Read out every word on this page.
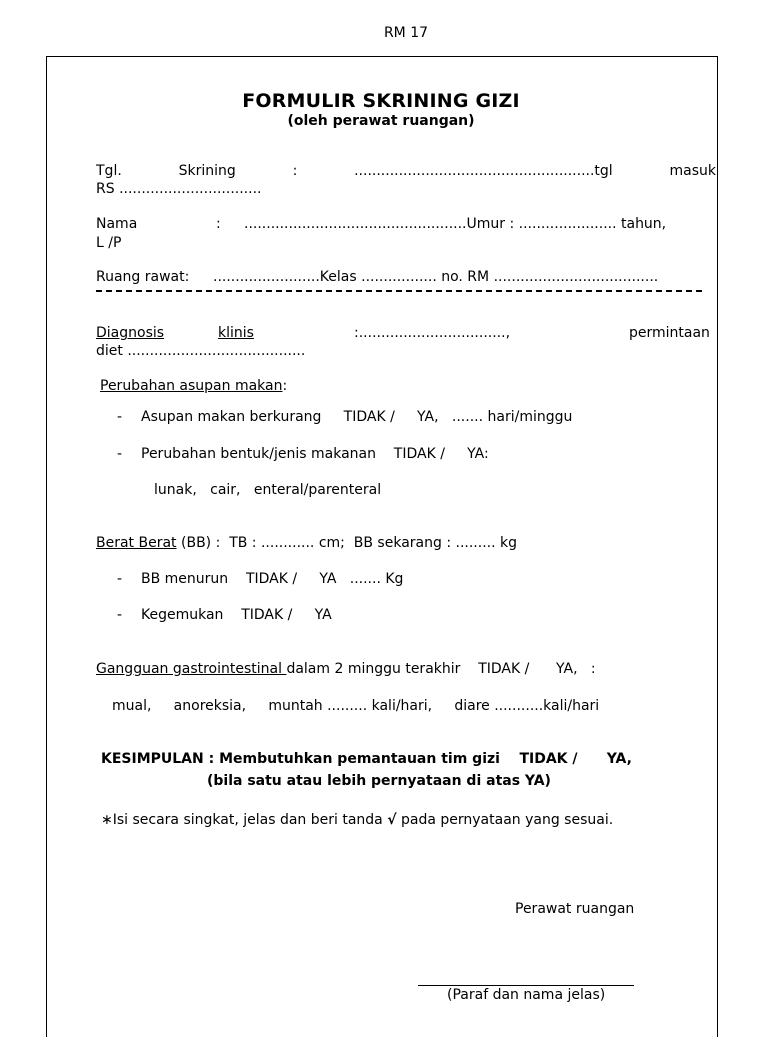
RM 17
FORMULIR SKRINING GIZI
(oleh perawat ruangan)
Tgl.	Skrining	:	......................................................tgl	masuk
RS ................................
Nama	: ..................................................Umur : ...................... tahun,
L /P
Ruang rawat: ........................Kelas ................. no. RM .....................................
Diagnosis	klinis	:.................................,	permintaan
diet ........................................
Perubahan asupan makan:
- Asupan makan berkurang     TIDAK /     YA,   ....... hari/minggu
- Perubahan bentuk/jenis makanan    TIDAK /     YA:
lunak,   cair,   enteral/parenteral
Berat Berat (BB) :  TB : ............ cm;  BB sekarang : ......... kg
- BB menurun    TIDAK /     YA   ....... Kg
- Kegemukan    TIDAK /     YA
Gangguan gastrointestinal dalam 2 minggu terakhir    TIDAK /      YA,   :
mual,     anoreksia,     muntah ......... kali/hari,     diare ...........kali/hari
KESIMPULAN : Membutuhkan pemantauan tim gizi    TIDAK /      YA,
(bila satu atau lebih pernyataan di atas YA)
∗Isi secara singkat, jelas dan beri tanda √ pada pernyataan yang sesuai.
Perawat ruangan
(Paraf dan nama jelas)
